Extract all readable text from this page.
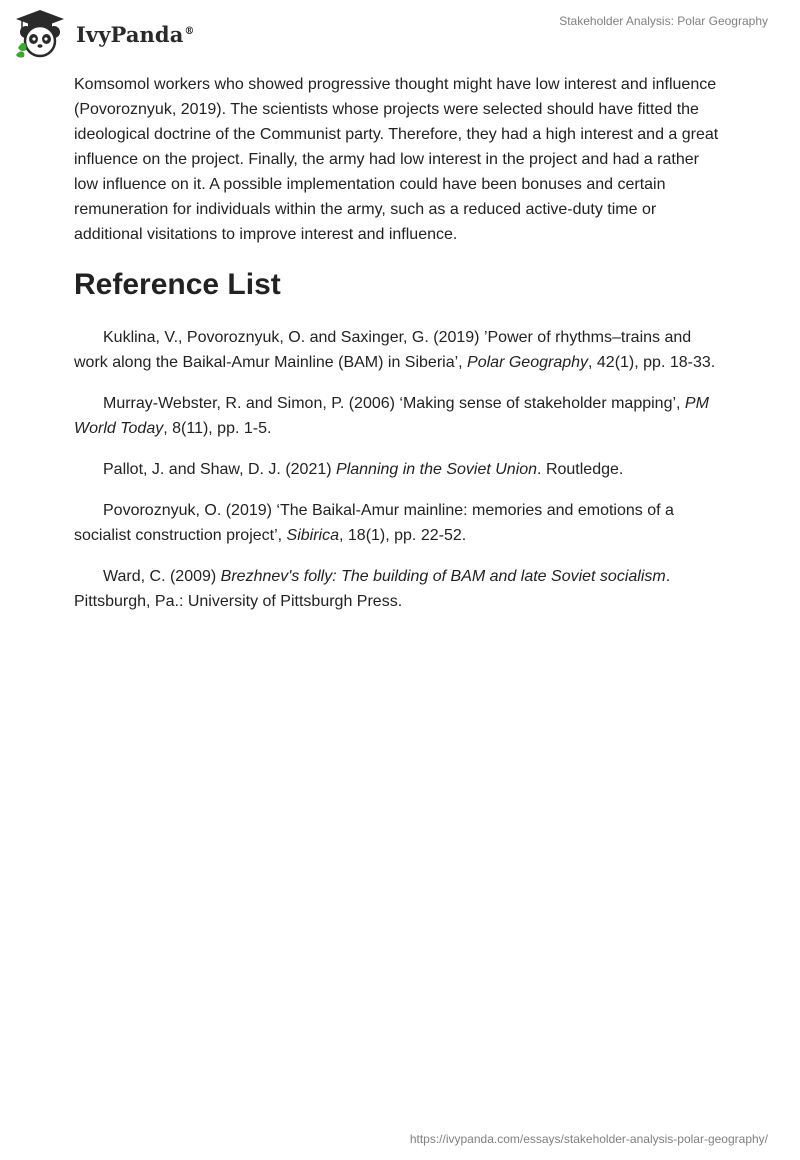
IvyPanda®
Stakeholder Analysis: Polar Geography

Komsomol workers who showed progressive thought might have low interest and influence (Povoroznyuk, 2019). The scientists whose projects were selected should have fitted the ideological doctrine of the Communist party. Therefore, they had a high interest and a great influence on the project. Finally, the army had low interest in the project and had a rather low influence on it. A possible implementation could have been bonuses and certain remuneration for individuals within the army, such as a reduced active-duty time or additional visitations to improve interest and influence.

Reference List

Kuklina, V., Povoroznyuk, O. and Saxinger, G. (2019) ’Power of rhythms–trains and work along the Baikal-Amur Mainline (BAM) in Siberia’, Polar Geography, 42(1), pp. 18-33.

Murray-Webster, R. and Simon, P. (2006) ‘Making sense of stakeholder mapping’, PM World Today, 8(11), pp. 1-5.

Pallot, J. and Shaw, D. J. (2021) Planning in the Soviet Union. Routledge.

Povoroznyuk, O. (2019) ‘The Baikal-Amur mainline: memories and emotions of a socialist construction project’, Sibirica, 18(1), pp. 22-52.

Ward, C. (2009) Brezhnev's folly: The building of BAM and late Soviet socialism. Pittsburgh, Pa.: University of Pittsburgh Press.

https://ivypanda.com/essays/stakeholder-analysis-polar-geography/
